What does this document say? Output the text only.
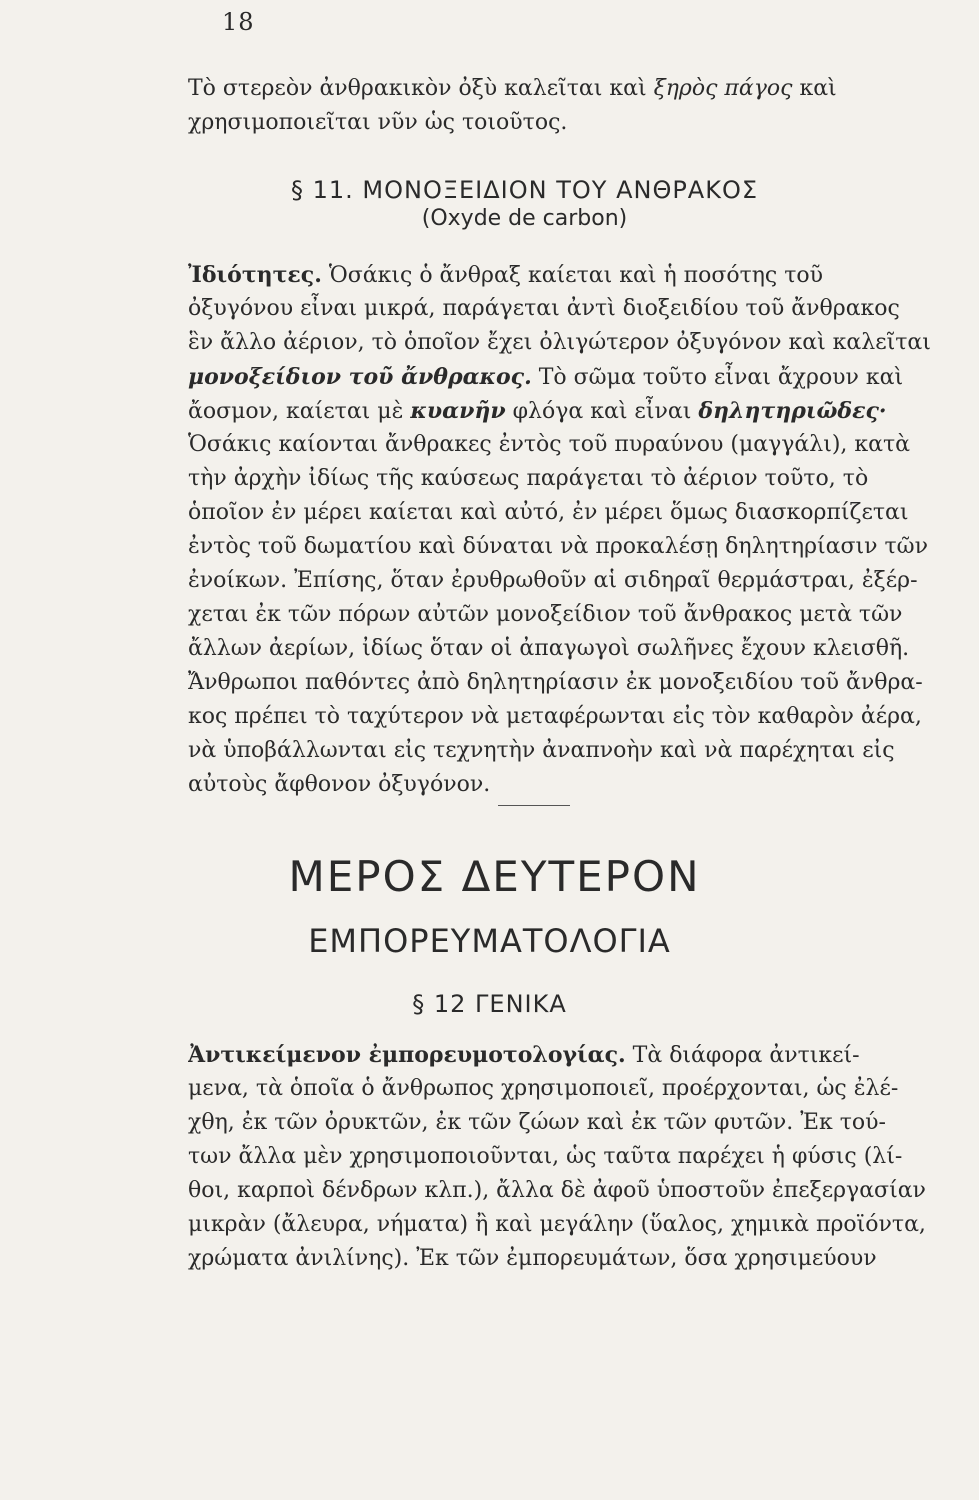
18
Τὸ στερεὸν ἀνθρακικὸν ὀξὺ καλεῖται καὶ ξηρὸς πάγος καὶ
χρησιμοποιεῖται νῦν ὡς τοιοῦτος.
§ 11. ΜΟΝΟΞΕΙΔΙΟΝ ΤΟΥ ΑΝΘΡΑΚΟΣ
(Oxyde de carbon)
Ἰδιότητες. Ὁσάκις ὁ ἄνθραξ καίεται καὶ ἡ ποσότης τοῦ
ὀξυγόνου εἶναι μικρά, παράγεται ἀντὶ διοξειδίου τοῦ ἄνθρακος
ἓν ἄλλο ἀέριον, τὸ ὁποῖον ἔχει ὀλιγώτερον ὀξυγόνον καὶ καλεῖται
μονοξείδιον τοῦ ἄνθρακος. Τὸ σῶμα τοῦτο εἶναι ἄχρουν καὶ
ἄοσμον, καίεται μὲ κυανῆν φλόγα καὶ εἶναι δηλητηριῶδες·
Ὁσάκις καίονται ἄνθρακες ἐντὸς τοῦ πυραύνου (μαγγάλι), κατὰ
τὴν ἀρχὴν ἰδίως τῆς καύσεως παράγεται τὸ ἀέριον τοῦτο, τὸ
ὁποῖον ἐν μέρει καίεται καὶ αὐτό, ἐν μέρει ὅμως διασκορπίζεται
ἐντὸς τοῦ δωματίου καὶ δύναται νὰ προκαλέσῃ δηλητηρίασιν τῶν
ἐνοίκων. Ἐπίσης, ὅταν ἐρυθρωθοῦν αἱ σιδηραῖ θερμάστραι, ἐξέρ-
χεται ἐκ τῶν πόρων αὐτῶν μονοξείδιον τοῦ ἄνθρακος μετὰ τῶν
ἄλλων ἀερίων, ἰδίως ὅταν οἱ ἀπαγωγοὶ σωλῆνες ἔχουν κλεισθῆ.
Ἄνθρωποι παθόντες ἀπὸ δηλητηρίασιν ἐκ μονοξειδίου τοῦ ἄνθρα-
κος πρέπει τὸ ταχύτερον νὰ μεταφέρωνται εἰς τὸν καθαρὸν ἀέρα,
νὰ ὑποβάλλωνται εἰς τεχνητὴν ἀναπνοὴν καὶ νὰ παρέχηται εἰς
αὐτοὺς ἄφθονον ὀξυγόνον.
ΜΕΡΟΣ ΔΕΥΤΕΡΟΝ
ΕΜΠΟΡΕΥΜΑΤΟΛΟΓΙΑ
§ 12 ΓΕΝΙΚΑ
Ἀντικείμενον ἐμπορευμοτολογίας. Τὰ διάφορα ἀντικεί-
μενα, τὰ ὁποῖα ὁ ἄνθρωπος χρησιμοποιεῖ, προέρχονται, ὡς ἐλέ-
χθη, ἐκ τῶν ὀρυκτῶν, ἐκ τῶν ζώων καὶ ἐκ τῶν φυτῶν. Ἐκ τού-
των ἄλλα μὲν χρησιμοποιοῦνται, ὡς ταῦτα παρέχει ἡ φύσις (λί-
θοι, καρποὶ δένδρων κλπ.), ἄλλα δὲ ἀφοῦ ὑποστοῦν ἐπεξεργασίαν
μικρὰν (ἄλευρα, νήματα) ἢ καὶ μεγάλην (ὕαλος, χημικὰ προϊόντα,
χρώματα ἀνιλίνης). Ἐκ τῶν ἐμπορευμάτων, ὅσα χρησιμεύουν
